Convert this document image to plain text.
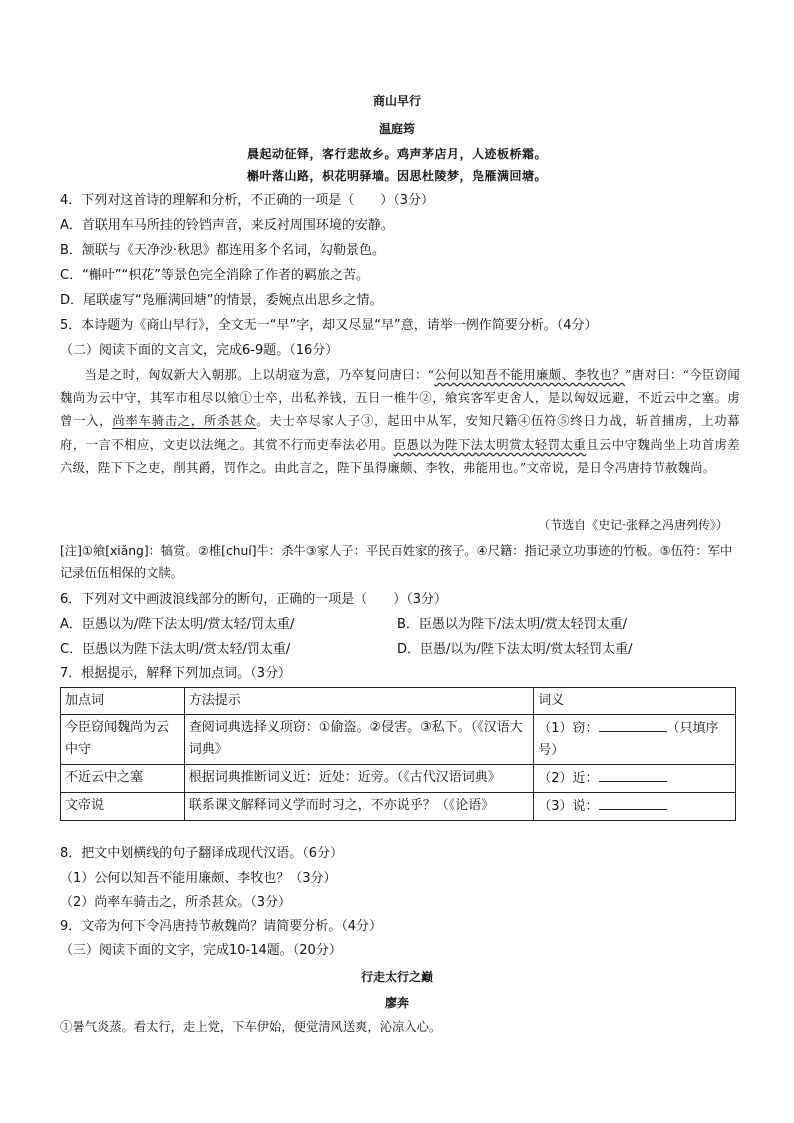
商山早行
温庭筠
晨起动征铎，客行悲故乡。鸡声茅店月，人迹板桥霜。
槲叶落山路，枳花明驿墙。因思杜陵梦，凫雁满回塘。
4．下列对这首诗的理解和分析，不正确的一项是（　　）（3分）
A．首联用车马所挂的铃铛声音，来反衬周围环境的安静。
B．颔联与《天净沙·秋思》都连用多个名词，勾勒景色。
C．“槲叶”“枳花”等景色完全消除了作者的羁旅之苦。
D．尾联虚写“凫雁满回塘”的情景，委婉点出思乡之情。
5．本诗题为《商山早行》，全文无一“早”字，却又尽显“早”意，请举一例作简要分析。（4分）
（二）阅读下面的文言文，完成6-9题。（16分）

当是之时，匈奴新大入朝那。上以胡寇为意，乃卒复问唐曰：“公何以知吾不能用廉颇、李牧也？”唐对曰：“今臣窃闻魏尚为云中守，其军市租尽以飨①士卒，出私养钱，五日一椎牛②，飨宾客军吏舍人，是以匈奴远避，不近云中之塞。虏曾一入，尚率车骑击之，所杀甚众。夫士卒尽家人子③，起田中从军，安知尺籍④伍符⑤终日力战，斩首捕虏，上功幕府，一言不相应，文吏以法绳之。其赏不行而吏奉法必用。臣愚以为陛下法太明赏太轻罚太重且云中守魏尚坐上功首虏差六级，陛下下之吏，削其爵，罚作之。由此言之，陛下虽得廉颇、李牧，弗能用也。”文帝说，是日令冯唐持节赦魏尚。

（节选自《史记·张释之冯唐列传》）
[注]①飨[xiǎng]：犒赏。②椎[chuí]牛：杀牛③家人子：平民百姓家的孩子。④尺籍：指记录立功事迹的竹板。⑤伍符：军中记录伍伍相保的文牍。
6．下列对文中画波浪线部分的断句，正确的一项是（　　）（3分）
A．臣愚以为/陛下法太明/赏太轻/罚太重/	B．臣愚以为陛下/法太明/赏太轻罚太重/
C．臣愚以为陛下法太明/赏太轻/罚太重/	D．臣愚/以为/陛下法太明/赏太轻罚太重/
7．根据提示，解释下列加点词。（3分）
加点词	方法提示	词义
今臣窃闻魏尚为云中守	查阅词典选择义项窃：①偷盗。②侵害。③私下。（《汉语大词典》	（1）窃： （只填序号）
不近云中之塞	根据词典推断词义近：近处：近旁。（《古代汉语词典》	（2）近：
文帝说	联系课文解释词义学而时习之，不亦说乎？（《论语》	（3）说：
8．把文中划横线的句子翻译成现代汉语。（6分）
（1）公何以知吾不能用廉颇、李牧也？（3分）
（2）尚率车骑击之，所杀甚众。（3分）
9．文帝为何下令冯唐持节赦魏尚？请简要分析。（4分）
（三）阅读下面的文字，完成10-14题。（20分）
行走太行之巅
廖奔
①暑气炎蒸。看太行，走上党，下车伊始，便觉清风送爽，沁凉入心。
